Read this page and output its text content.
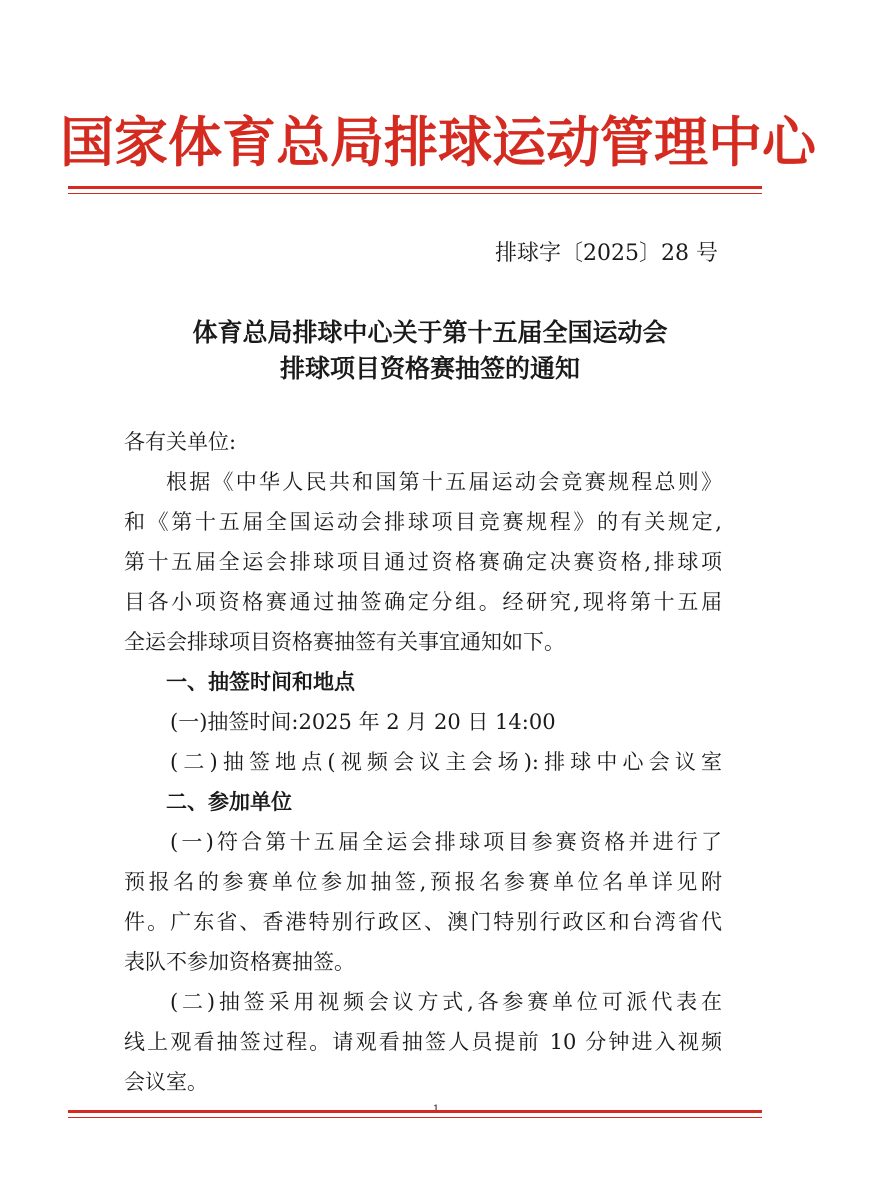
国家体育总局排球运动管理中心
排球字〔2025〕28 号
体育总局排球中心关于第十五届全国运动会
排球项目资格赛抽签的通知
各有关单位:
根据《中华人民共和国第十五届运动会竞赛规程总则》
和《第十五届全国运动会排球项目竞赛规程》的有关规定,
第十五届全运会排球项目通过资格赛确定决赛资格,排球项
目各小项资格赛通过抽签确定分组。经研究,现将第十五届
全运会排球项目资格赛抽签有关事宜通知如下。
一、抽签时间和地点
(一)抽签时间:2025 年 2 月 20 日 14:00
(二)抽签地点(视频会议主会场):排球中心会议室
二、参加单位
(一)符合第十五届全运会排球项目参赛资格并进行了
预报名的参赛单位参加抽签,预报名参赛单位名单详见附
件。广东省、香港特别行政区、澳门特别行政区和台湾省代
表队不参加资格赛抽签。
(二)抽签采用视频会议方式,各参赛单位可派代表在
线上观看抽签过程。请观看抽签人员提前 10 分钟进入视频
会议室。
1
